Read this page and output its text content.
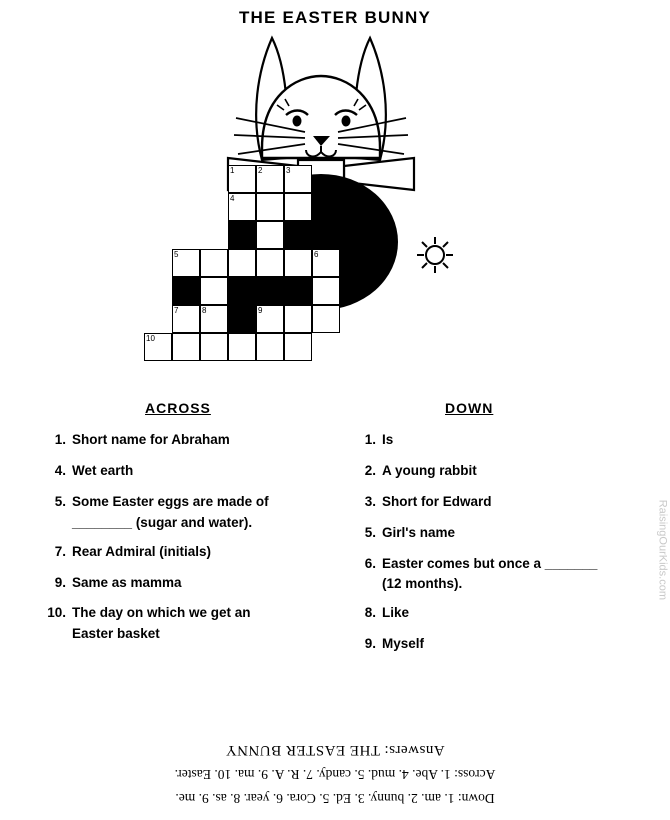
THE EASTER BUNNY
1	2	3
4
5	6
7	8	9
10
ACROSS
1. Short name for Abraham
4. Wet earth
5. Some Easter eggs are made of
________ (sugar and water).
7. Rear Admiral (initials)
9. Same as mamma
10. The day on which we get an
Easter basket
DOWN
1. Is
2. A young rabbit
3. Short for Edward
5. Girl's name
6. Easter comes but once a _______
(12 months).
8. Like
9. Myself
Down: 1. am. 2. bunny. 3. Ed. 5. Cora. 6. year. 8. as. 9. me.
Across: 1. Abe. 4. mud. 5. candy. 7. R. A. 9. ma. 10. Easter.
Answers: THE EASTER BUNNY
RaisingOurKids.com
